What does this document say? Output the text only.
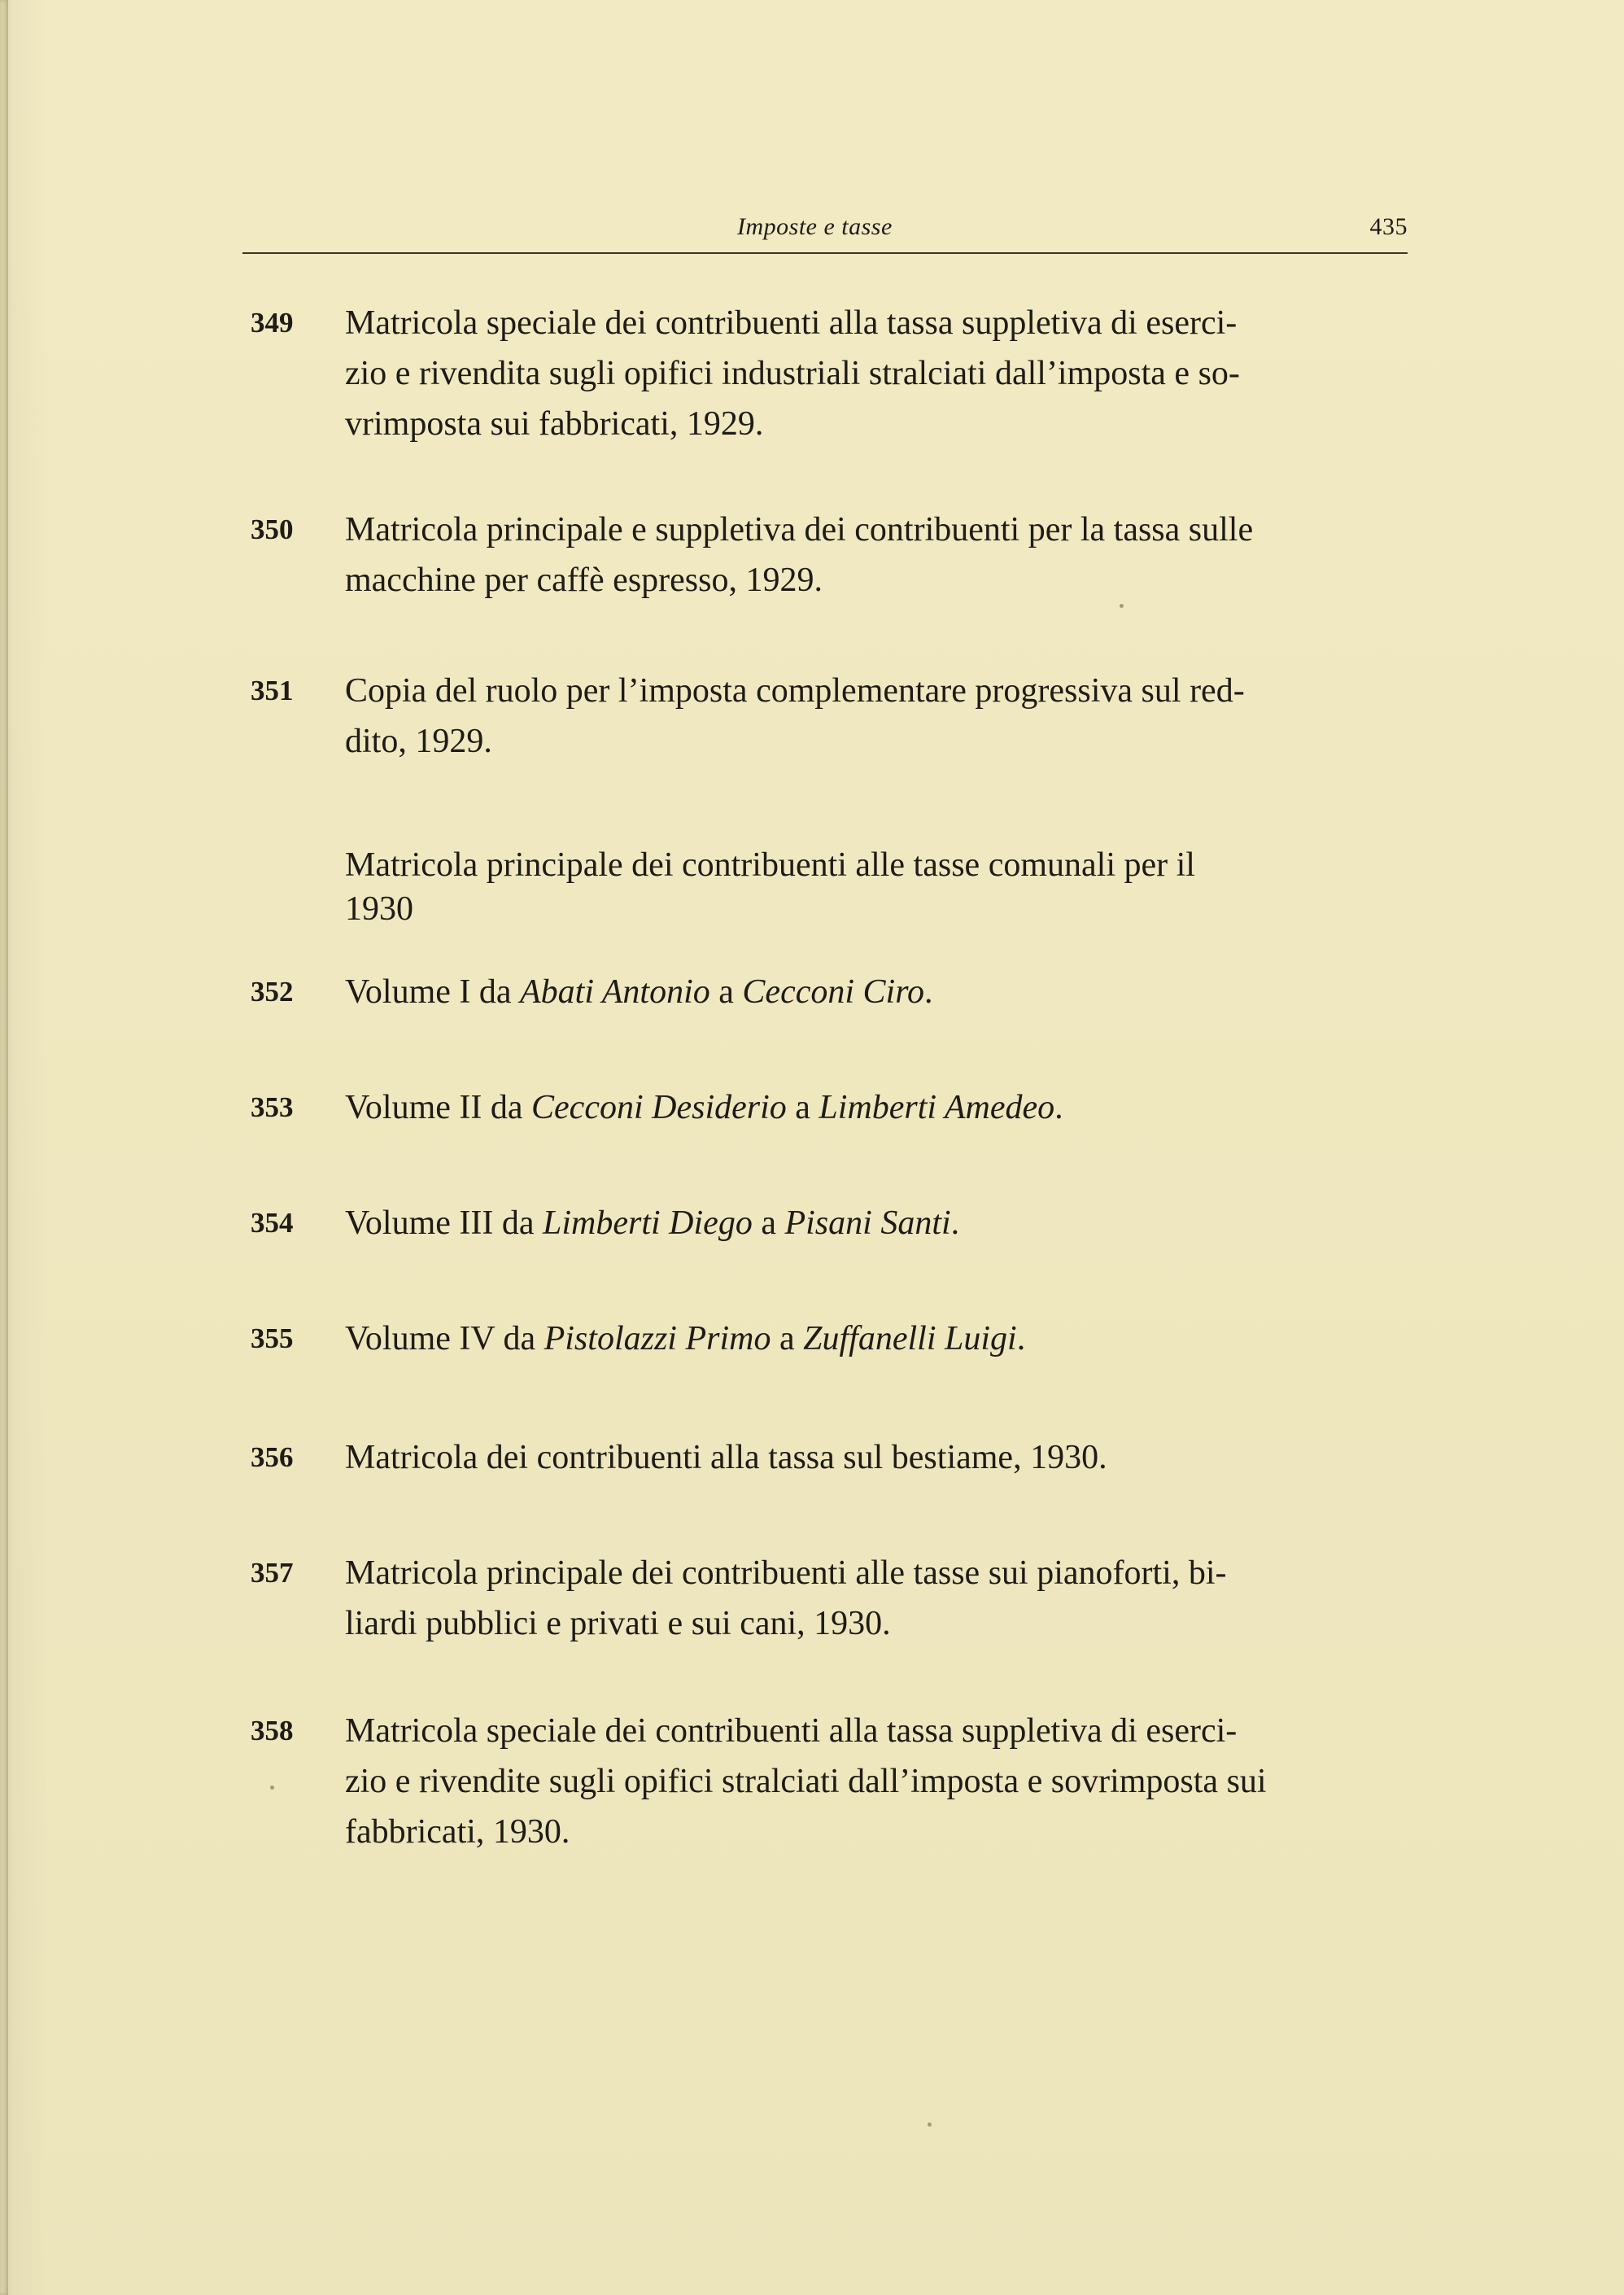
Imposte e tasse	435
349	Matricola speciale dei contribuenti alla tassa suppletiva di eserci-
zio e rivendita sugli opifici industriali stralciati dall’imposta e so-
vrimposta sui fabbricati, 1929.
350	Matricola principale e suppletiva dei contribuenti per la tassa sulle
macchine per caffè espresso, 1929.
351	Copia del ruolo per l’imposta complementare progressiva sul red-
dito, 1929.
Matricola principale dei contribuenti alle tasse comunali per il
1930
352	Volume I da Abati Antonio a Cecconi Ciro.
353	Volume II da Cecconi Desiderio a Limberti Amedeo.
354	Volume III da Limberti Diego a Pisani Santi.
355	Volume IV da Pistolazzi Primo a Zuffanelli Luigi.
356	Matricola dei contribuenti alla tassa sul bestiame, 1930.
357	Matricola principale dei contribuenti alle tasse sui pianoforti, bi-
liardi pubblici e privati e sui cani, 1930.
358	Matricola speciale dei contribuenti alla tassa suppletiva di eserci-
zio e rivendite sugli opifici stralciati dall’imposta e sovrimposta sui
fabbricati, 1930.
